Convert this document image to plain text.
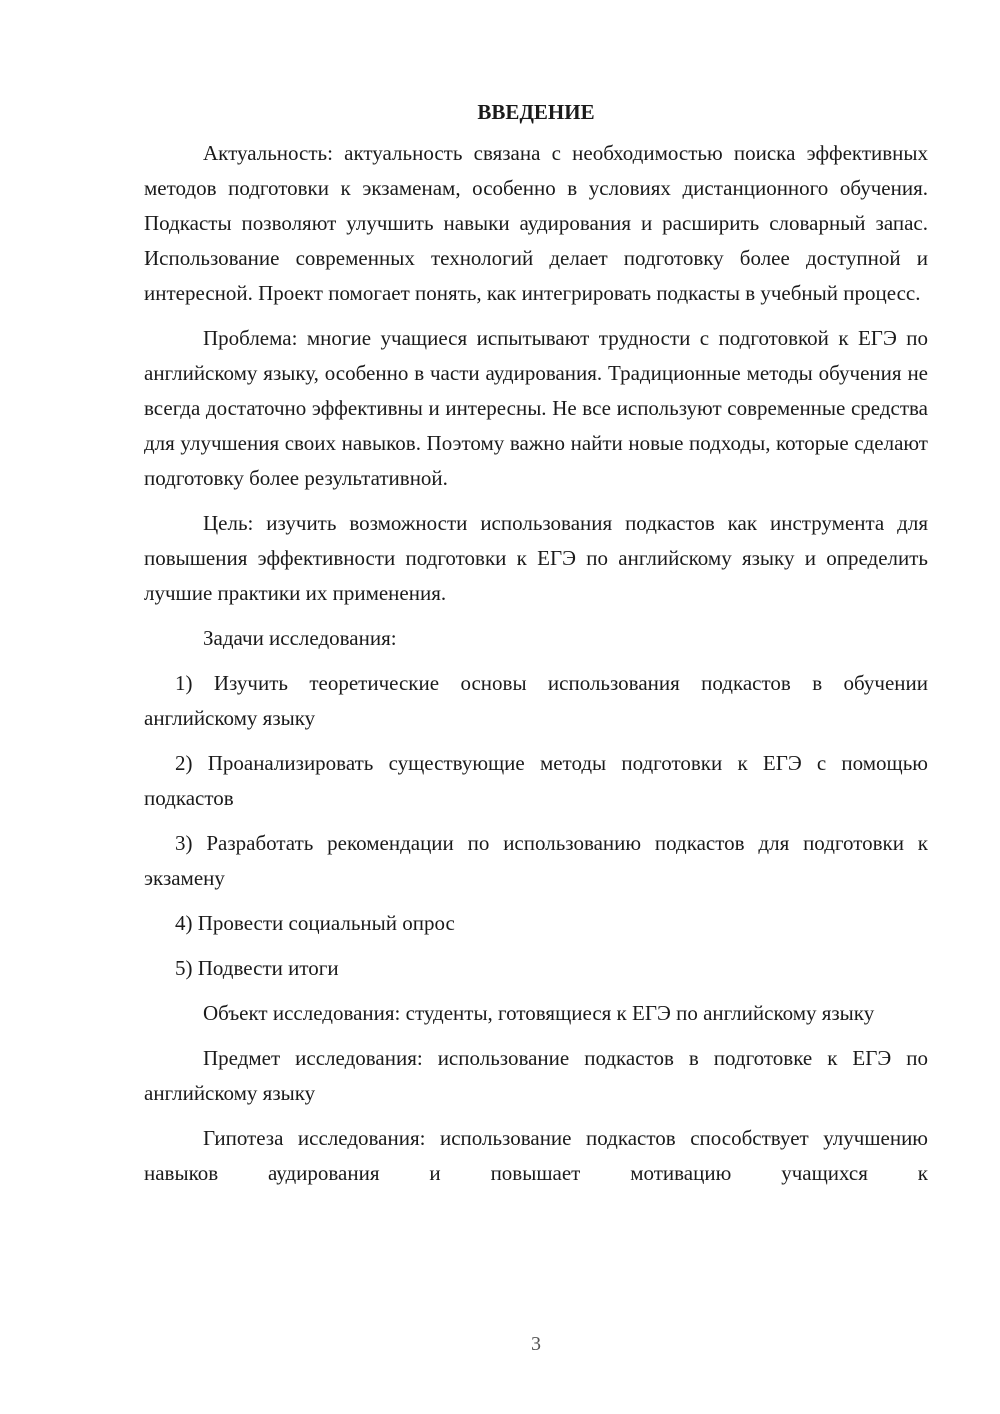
ВВЕДЕНИЕ

Актуальность: актуальность связана с необходимостью поиска эффективных методов подготовки к экзаменам, особенно в условиях дистанционного обучения. Подкасты позволяют улучшить навыки аудирования и расширить словарный запас. Использование современных технологий делает подготовку более доступной и интересной. Проект помогает понять, как интегрировать подкасты в учебный процесс.

Проблема: многие учащиеся испытывают трудности с подготовкой к ЕГЭ по английскому языку, особенно в части аудирования. Традиционные методы обучения не всегда достаточно эффективны и интересны. Не все используют современные средства для улучшения своих навыков. Поэтому важно найти новые подходы, которые сделают подготовку более результативной.

Цель: изучить возможности использования подкастов как инструмента для повышения эффективности подготовки к ЕГЭ по английскому языку и определить лучшие практики их применения.

Задачи исследования:

1) Изучить теоретические основы использования подкастов в обучении английскому языку

2) Проанализировать существующие методы подготовки к ЕГЭ с помощью подкастов

3) Разработать рекомендации по использованию подкастов для подготовки к экзамену

4) Провести социальный опрос

5) Подвести итоги

Объект исследования: студенты, готовящиеся к ЕГЭ по английскому языку

Предмет исследования: использование подкастов в подготовке к ЕГЭ по английскому языку

Гипотеза исследования: использование подкастов способствует улучшению навыков аудирования и повышает мотивацию учащихся к

3
